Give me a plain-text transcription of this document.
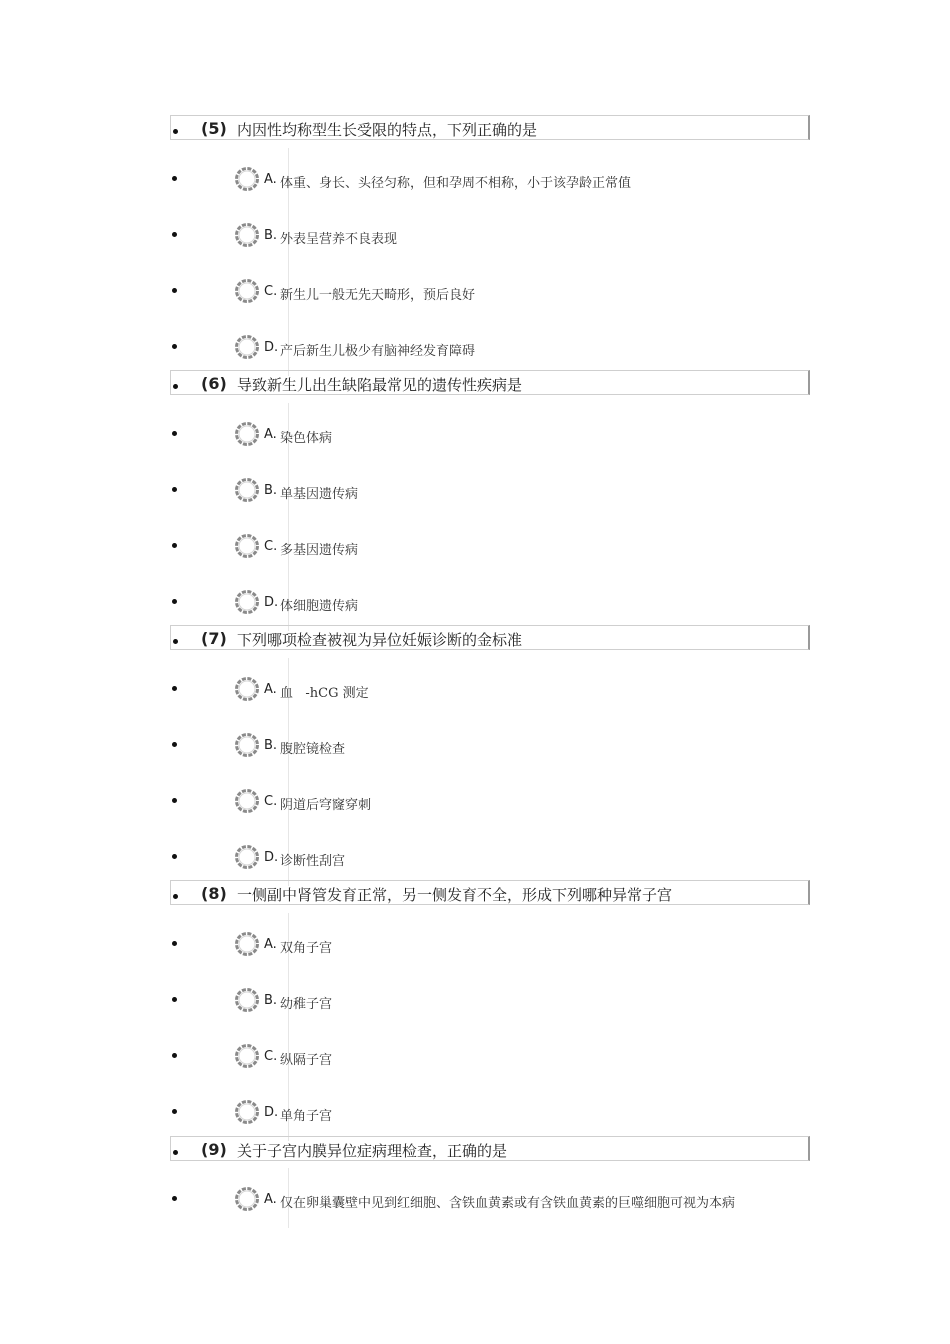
(5) 内因性均称型生长受限的特点，下列正确的是
A. 体重、身长、头径匀称，但和孕周不相称，小于该孕龄正常值
B. 外表呈营养不良表现
C. 新生儿一般无先天畸形，预后良好
D. 产后新生儿极少有脑神经发育障碍
(6) 导致新生儿出生缺陷最常见的遗传性疾病是
A. 染色体病
B. 单基因遗传病
C. 多基因遗传病
D. 体细胞遗传病
(7) 下列哪项检查被视为异位妊娠诊断的金标准
A. 血   -hCG 测定
B. 腹腔镜检查
C. 阴道后穹窿穿刺
D. 诊断性刮宫
(8) 一侧副中肾管发育正常，另一侧发育不全，形成下列哪种异常子宫
A. 双角子宫
B. 幼稚子宫
C. 纵隔子宫
D. 单角子宫
(9) 关于子宫内膜异位症病理检查，正确的是
A. 仅在卵巢囊壁中见到红细胞、含铁血黄素或有含铁血黄素的巨噬细胞可视为本病
